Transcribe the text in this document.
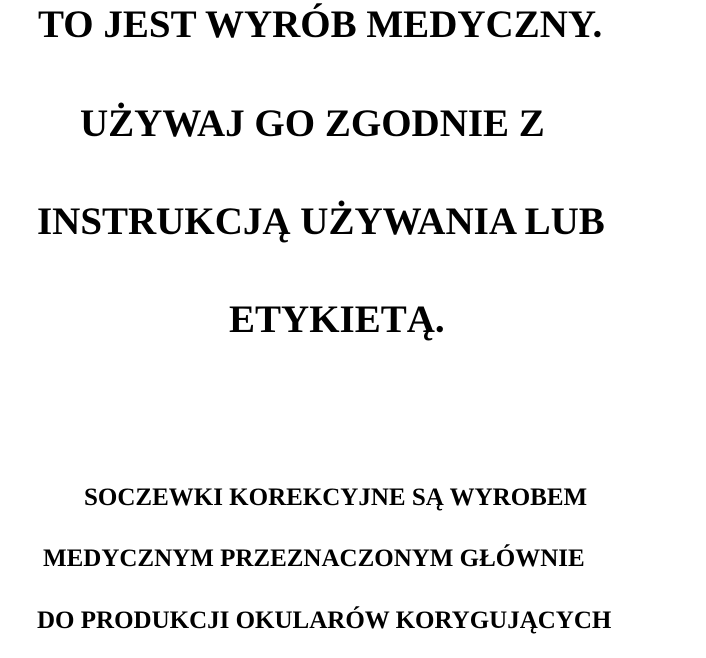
TO JEST WYRÓB MEDYCZNY.

UŻYWAJ GO ZGODNIE Z

INSTRUKCJĄ UŻYWANIA LUB

ETYKIETĄ.

SOCZEWKI KOREKCYJNE SĄ WYROBEM

MEDYCZNYM PRZEZNACZONYM GŁÓWNIE

DO PRODUKCJI OKULARÓW KORYGUJĄCYCH
